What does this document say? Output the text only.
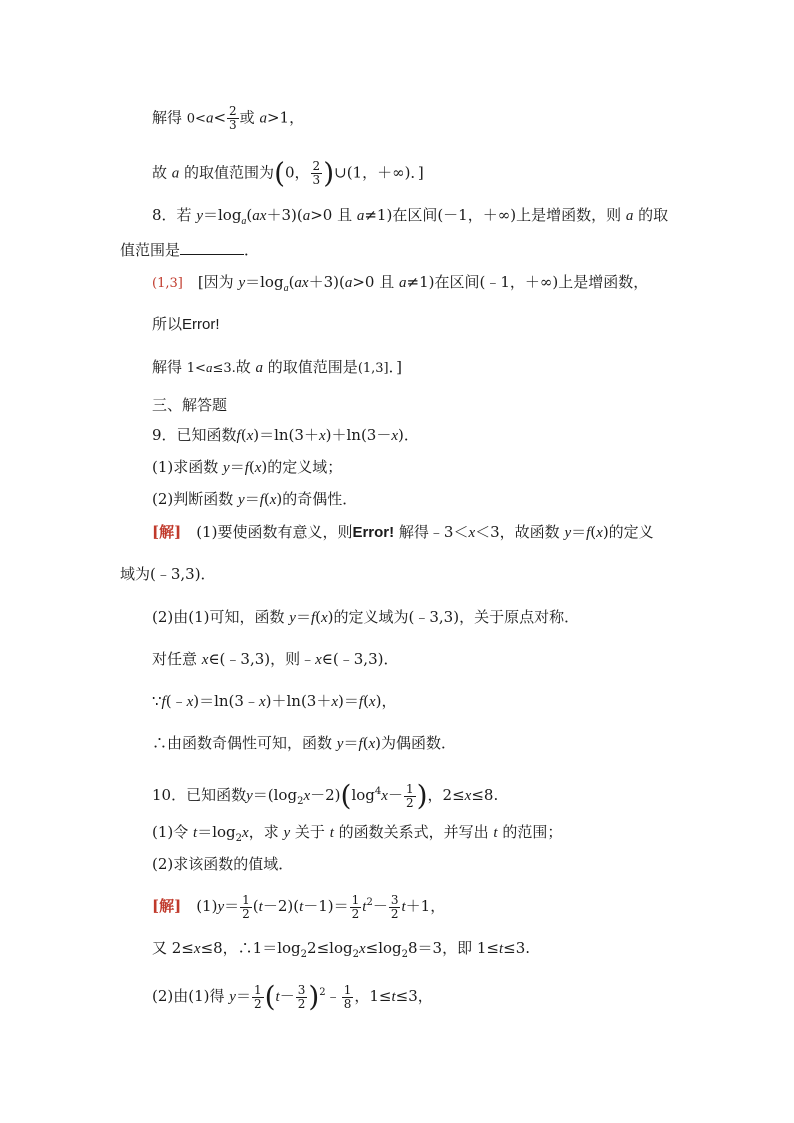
解得 $0<a< \frac{2}{3}$ 或 a>1，
故 a 的取值范围为(0， $\frac{2}{3}$ )∪(1，＋∞)．]
8．若 $y=\log_a(ax+3)(a>0$ 且 a≠1)在区间(－1，＋∞)上是增函数，则 a 的取
值范围是	．
(1,3]　[因为 $y=\log_a(ax+3)(a>0$ 且 a≠1)在区间(﹣1，＋∞)上是增函数，
所以Error!
解得 1<a≤3.故 a 的取值范围是(1,3]．]
三、解答题
9．已知函数f(x)＝ln(3＋x)＋ln(3－x)．
(1)求函数 y＝f(x)的定义域；
(2)判断函数 y＝f(x)的奇偶性．
[解]　(1)要使函数有意义，则Error! 解得﹣3＜x＜3，故函数 y＝f(x)的定义
域为(﹣3,3)．
(2)由(1)可知，函数 y＝f(x)的定义域为(﹣3,3)，关于原点对称．
对任意 x∈(﹣3,3)，则﹣x∈(﹣3,3)．
∵f(﹣x)＝ln(3﹣x)＋ln(3＋x)＝f(x)，
∴由函数奇偶性可知，函数 y＝f(x)为偶函数．
10．已知函数$y=(\log_2x-2)(\log^4x- \frac{1}{2}$ )，2≤x≤8.
(1)令 $t=\log_2x$，求 y 关于 t 的函数关系式，并写出 t 的范围；
(2)求该函数的值域．
[解]　$(1)y= \frac{1}{2} (t-2)(t-1)= \frac{1}{2} t^2- \frac{3}{2} t+1$，
又 2≤x≤8，$\therefore 1=\log_22\le\log_2x\le\log_28=3$，即 1≤t≤3.
(2)由(1)得 $y= \frac{1}{2} (t- \frac{3}{2}$ )$^2﹣ \frac{1}{8}$ ，1≤t≤3，
